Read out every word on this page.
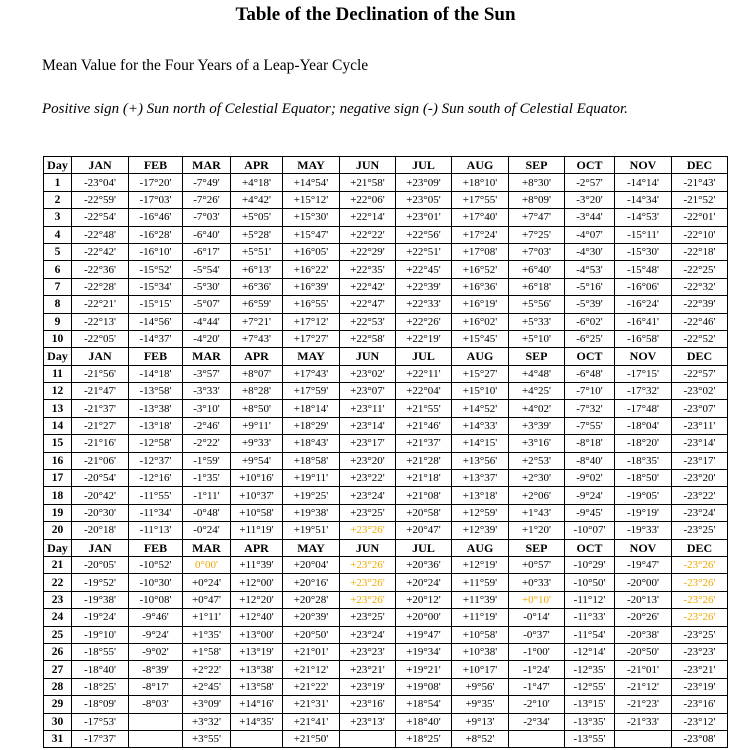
Table of the Declination of the Sun
Mean Value for the Four Years of a Leap-Year Cycle
Positive sign (+) Sun north of Celestial Equator; negative sign (-) Sun south of Celestial Equator.
Day	JAN	FEB	MAR	APR	MAY	JUN	JUL	AUG	SEP	OCT	NOV	DEC
1	-23°04'	-17°20'	-7°49'	+4°18'	+14°54'	+21°58'	+23°09'	+18°10'	+8°30'	-2°57'	-14°14'	-21°43'
2	-22°59'	-17°03'	-7°26'	+4°42'	+15°12'	+22°06'	+23°05'	+17°55'	+8°09'	-3°20'	-14°34'	-21°52'
3	-22°54'	-16°46'	-7°03'	+5°05'	+15°30'	+22°14'	+23°01'	+17°40'	+7°47'	-3°44'	-14°53'	-22°01'
4	-22°48'	-16°28'	-6°40'	+5°28'	+15°47'	+22°22'	+22°56'	+17°24'	+7°25'	-4°07'	-15°11'	-22°10'
5	-22°42'	-16°10'	-6°17'	+5°51'	+16°05'	+22°29'	+22°51'	+17°08'	+7°03'	-4°30'	-15°30'	-22°18'
6	-22°36'	-15°52'	-5°54'	+6°13'	+16°22'	+22°35'	+22°45'	+16°52'	+6°40'	-4°53'	-15°48'	-22°25'
7	-22°28'	-15°34'	-5°30'	+6°36'	+16°39'	+22°42'	+22°39'	+16°36'	+6°18'	-5°16'	-16°06'	-22°32'
8	-22°21'	-15°15'	-5°07'	+6°59'	+16°55'	+22°47'	+22°33'	+16°19'	+5°56'	-5°39'	-16°24'	-22°39'
9	-22°13'	-14°56'	-4°44'	+7°21'	+17°12'	+22°53'	+22°26'	+16°02'	+5°33'	-6°02'	-16°41'	-22°46'
10	-22°05'	-14°37'	-4°20'	+7°43'	+17°27'	+22°58'	+22°19'	+15°45'	+5°10'	-6°25'	-16°58'	-22°52'
Day	JAN	FEB	MAR	APR	MAY	JUN	JUL	AUG	SEP	OCT	NOV	DEC
11	-21°56'	-14°18'	-3°57'	+8°07'	+17°43'	+23°02'	+22°11'	+15°27'	+4°48'	-6°48'	-17°15'	-22°57'
12	-21°47'	-13°58'	-3°33'	+8°28'	+17°59'	+23°07'	+22°04'	+15°10'	+4°25'	-7°10'	-17°32'	-23°02'
13	-21°37'	-13°38'	-3°10'	+8°50'	+18°14'	+23°11'	+21°55'	+14°52'	+4°02'	-7°32'	-17°48'	-23°07'
14	-21°27'	-13°18'	-2°46'	+9°11'	+18°29'	+23°14'	+21°46'	+14°33'	+3°39'	-7°55'	-18°04'	-23°11'
15	-21°16'	-12°58'	-2°22'	+9°33'	+18°43'	+23°17'	+21°37'	+14°15'	+3°16'	-8°18'	-18°20'	-23°14'
16	-21°06'	-12°37'	-1°59'	+9°54'	+18°58'	+23°20'	+21°28'	+13°56'	+2°53'	-8°40'	-18°35'	-23°17'
17	-20°54'	-12°16'	-1°35'	+10°16'	+19°11'	+23°22'	+21°18'	+13°37'	+2°30'	-9°02'	-18°50'	-23°20'
18	-20°42'	-11°55'	-1°11'	+10°37'	+19°25'	+23°24'	+21°08'	+13°18'	+2°06'	-9°24'	-19°05'	-23°22'
19	-20°30'	-11°34'	-0°48'	+10°58'	+19°38'	+23°25'	+20°58'	+12°59'	+1°43'	-9°45'	-19°19'	-23°24'
20	-20°18'	-11°13'	-0°24'	+11°19'	+19°51'	+23°26'	+20°47'	+12°39'	+1°20'	-10°07'	-19°33'	-23°25'
Day	JAN	FEB	MAR	APR	MAY	JUN	JUL	AUG	SEP	OCT	NOV	DEC
21	-20°05'	-10°52'	0°00'	+11°39'	+20°04'	+23°26'	+20°36'	+12°19'	+0°57'	-10°29'	-19°47'	-23°26'
22	-19°52'	-10°30'	+0°24'	+12°00'	+20°16'	+23°26'	+20°24'	+11°59'	+0°33'	-10°50'	-20°00'	-23°26'
23	-19°38'	-10°08'	+0°47'	+12°20'	+20°28'	+23°26'	+20°12'	+11°39'	+0°10'	-11°12'	-20°13'	-23°26'
24	-19°24'	-9°46'	+1°11'	+12°40'	+20°39'	+23°25'	+20°00'	+11°19'	-0°14'	-11°33'	-20°26'	-23°26'
25	-19°10'	-9°24'	+1°35'	+13°00'	+20°50'	+23°24'	+19°47'	+10°58'	-0°37'	-11°54'	-20°38'	-23°25'
26	-18°55'	-9°02'	+1°58'	+13°19'	+21°01'	+23°23'	+19°34'	+10°38'	-1°00'	-12°14'	-20°50'	-23°23'
27	-18°40'	-8°39'	+2°22'	+13°38'	+21°12'	+23°21'	+19°21'	+10°17'	-1°24'	-12°35'	-21°01'	-23°21'
28	-18°25'	-8°17'	+2°45'	+13°58'	+21°22'	+23°19'	+19°08'	+9°56'	-1°47'	-12°55'	-21°12'	-23°19'
29	-18°09'	-8°03'	+3°09'	+14°16'	+21°31'	+23°16'	+18°54'	+9°35'	-2°10'	-13°15'	-21°23'	-23°16'
30	-17°53'		+3°32'	+14°35'	+21°41'	+23°13'	+18°40'	+9°13'	-2°34'	-13°35'	-21°33'	-23°12'
31	-17°37'		+3°55'		+21°50'		+18°25'	+8°52'		-13°55'		-23°08'
